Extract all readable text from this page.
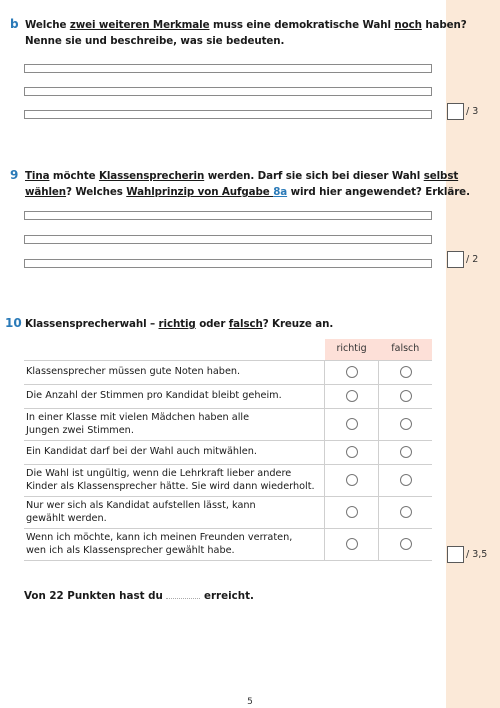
b Welche zwei weiteren Merkmale muss eine demokratische Wahl noch haben?
Nenne sie und beschreibe, was sie bedeuten.
/ 3
9 Tina möchte Klassensprecherin werden. Darf sie sich bei dieser Wahl selbst
wählen? Welches Wahlprinzip von Aufgabe 8a wird hier angewendet? Erkläre.
/ 2
10 Klassensprecherwahl – richtig oder falsch? Kreuze an.
	richtig	falsch

Klassensprecher müssen gute Noten haben.		

Die Anzahl der Stimmen pro Kandidat bleibt geheim.		

In einer Klasse mit vielen Mädchen haben alle
Jungen zwei Stimmen.		

Ein Kandidat darf bei der Wahl auch mitwählen.		

Die Wahl ist ungültig, wenn die Lehrkraft lieber andere
Kinder als Klassensprecher hätte. Sie wird dann wiederholt.		

Nur wer sich als Kandidat aufstellen lässt, kann
gewählt werden.		

Wenn ich möchte, kann ich meinen Freunden verraten,
wen ich als Klassensprecher gewählt habe.		
			/ 3,5
Von 22 Punkten hast du	erreicht.
5
